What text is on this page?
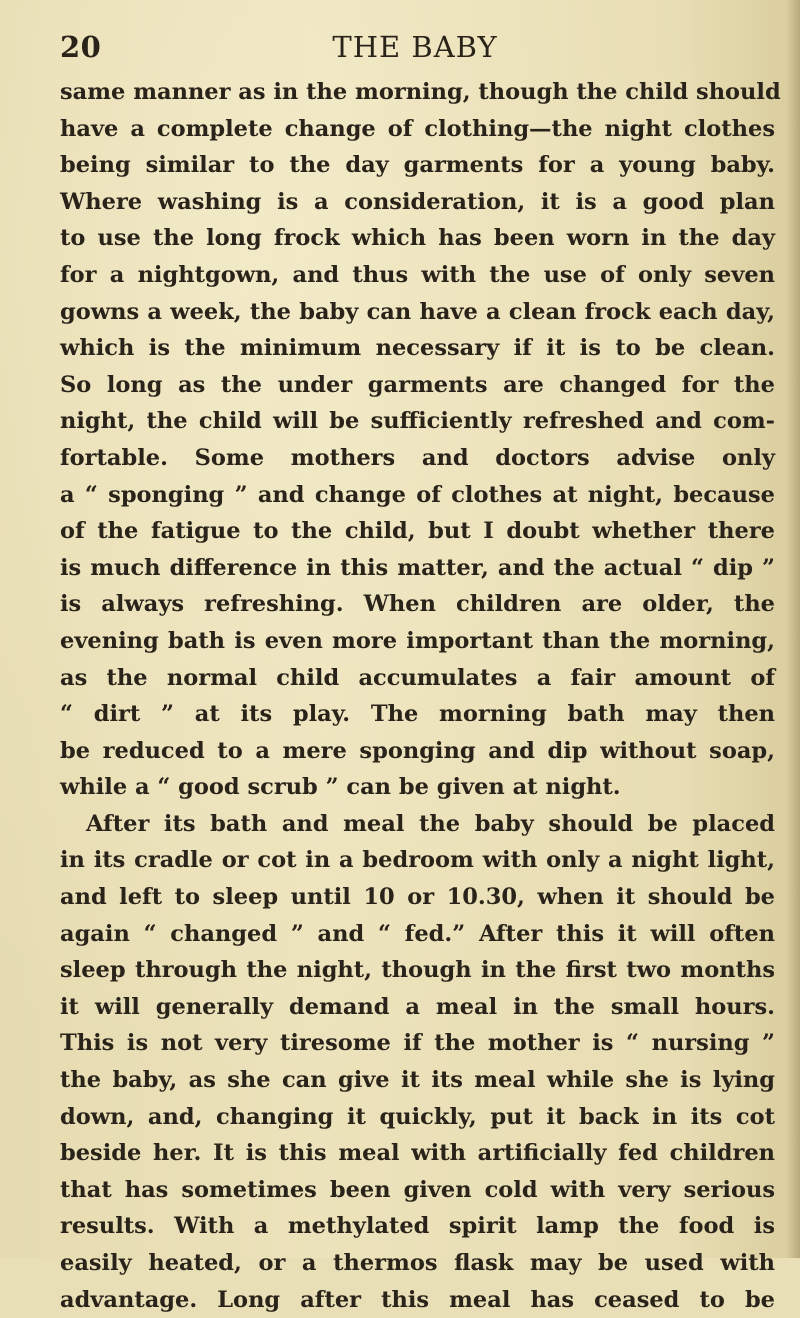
20	THE BABY
same manner as in the morning, though the child should
have a complete change of clothing—the night clothes
being similar to the day garments for a young baby.
Where washing is a consideration, it is a good plan
to use the long frock which has been worn in the day
for a nightgown, and thus with the use of only seven
gowns a week, the baby can have a clean frock each day,
which is the minimum necessary if it is to be clean.
So long as the under garments are changed for the
night, the child will be sufficiently refreshed and com-
fortable. Some mothers and doctors advise only
a “ sponging ” and change of clothes at night, because
of the fatigue to the child, but I doubt whether there
is much difference in this matter, and the actual “ dip ”
is always refreshing. When children are older, the
evening bath is even more important than the morning,
as the normal child accumulates a fair amount of
“ dirt ” at its play. The morning bath may then
be reduced to a mere sponging and dip without soap,
while a “ good scrub ” can be given at night.
After its bath and meal the baby should be placed
in its cradle or cot in a bedroom with only a night light,
and left to sleep until 10 or 10.30, when it should be
again “ changed ” and “ fed.” After this it will often
sleep through the night, though in the first two months
it will generally demand a meal in the small hours.
This is not very tiresome if the mother is “ nursing ”
the baby, as she can give it its meal while she is lying
down, and, changing it quickly, put it back in its cot
beside her. It is this meal with artificially fed children
that has sometimes been given cold with very serious
results. With a methylated spirit lamp the food is
easily heated, or a thermos flask may be used with
advantage. Long after this meal has ceased to be
